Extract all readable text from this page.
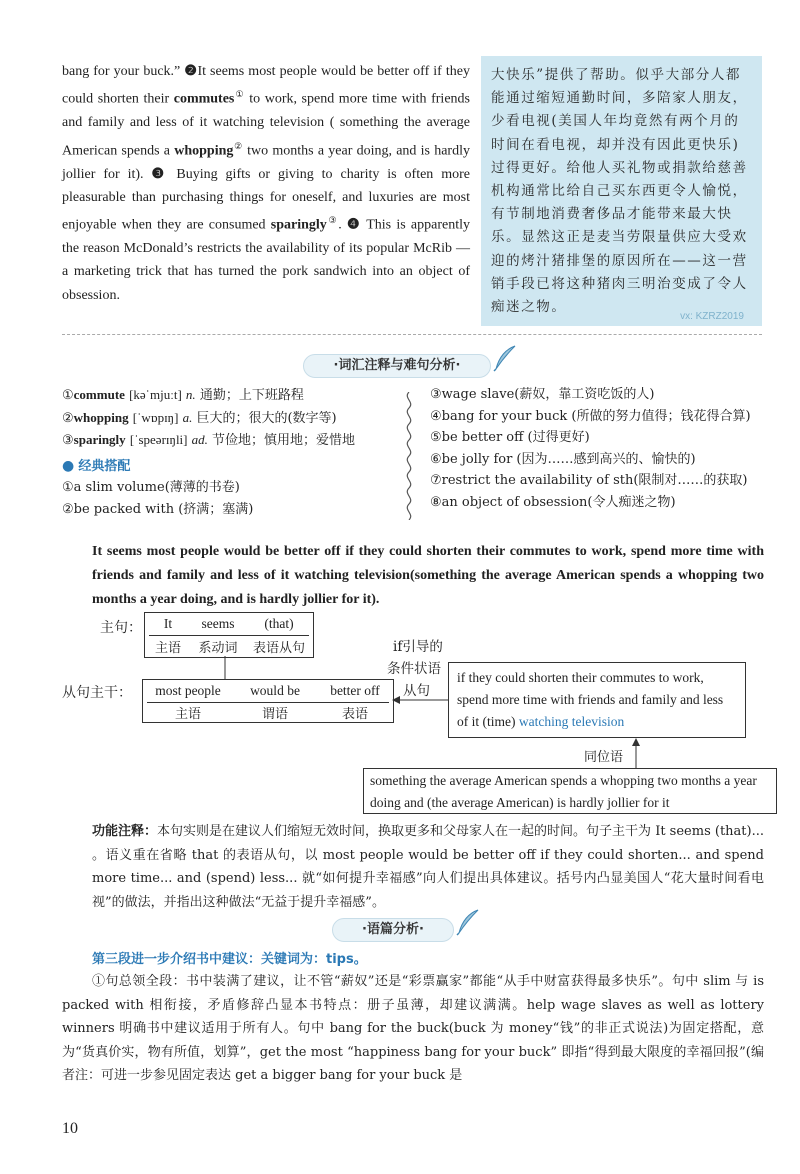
bang for your buck.” ❷It seems most people would be better off if they could shorten their commutes① to work, spend more time with friends and family and less of it watching television ( something the average American spends a whopping② two months a year doing, and is hardly jollier for it). ❸ Buying gifts or giving to charity is often more pleasurable than purchasing things for oneself, and luxuries are most enjoyable when they are consumed sparingly③. ❹ This is apparently the reason McDonald’s restricts the availability of its popular McRib — a marketing trick that has turned the pork sandwich into an object of obsession.

大快乐”提供了帮助。似乎大部分人都能通过缩短通勤时间，多陪家人朋友，少看电视(美国人年均竟然有两个月的时间在看电视，却并没有因此更快乐)过得更好。给他人买礼物或捐款给慈善机构通常比给自己买东西更令人愉悦，有节制地消费奢侈品才能带来最大快乐。显然这正是麦当劳限量供应大受欢迎的烤汁猪排堡的原因所在——这一营销手段已将这种猪肉三明治变成了令人痴迷之物。

vx: KZRZ2019
·词汇注释与难句分析·
①commute [kəˈmjuːt] n. 通勤；上下班路程
②whopping [ˈwɒpɪŋ] a. 巨大的；很大的(数字等)
③sparingly [ˈspeərɪŋli] ad. 节俭地；慎用地；爱惜地
● 经典搭配
①a slim volume(薄薄的书卷)
②be packed with (挤满；塞满)
③wage slave(薪奴，靠工资吃饭的人)
④bang for your buck (所做的努力值得；钱花得合算)
⑤be better off (过得更好)
⑥be jolly for (因为……感到高兴的、愉快的)
⑦restrict the availability of sth(限制对……的获取)
⑧an object of obsession(令人痴迷之物)
It seems most people would be better off if they could shorten their commutes to work, spend more time with friends and family and less of it watching television(something the average American spends a whopping two months a year doing, and is hardly jollier for it).
主句：	It	seems	(that)
主语	系动词	表语从句
从句主干：	most people	would be	better off
主语	谓语	表语
if引导的
条件状语
从句
if they could shorten their commutes to work, spend more time with friends and family and less of it (time) watching television
同位语
something the average American spends a whopping two months a year doing and (the average American) is hardly jollier for it
功能注释：本句实则是在建议人们缩短无效时间，换取更多和父母家人在一起的时间。句子主干为 It seems (that)... 。语义重在省略 that 的表语从句，以 most people would be better off if they could shorten... and spend more time... and (spend) less... 就“如何提升幸福感”向人们提出具体建议。括号内凸显美国人“花大量时间看电视”的做法，并指出这种做法“无益于提升幸福感”。
·语篇分析·
第三段进一步介绍书中建议：关键词为：tips。
①句总领全段：书中装满了建议，让不管“薪奴”还是“彩票赢家”都能“从手中财富获得最多快乐”。句中 slim 与 is packed with 相衔接，矛盾修辞凸显本书特点：册子虽薄，却建议满满。help wage slaves as well as lottery winners 明确书中建议适用于所有人。句中 bang for the buck(buck 为 money“钱”的非正式说法)为固定搭配，意为“货真价实，物有所值，划算”，get the most “happiness bang for your buck” 即指“得到最大限度的幸福回报”(编者注：可进一步参见固定表达 get a bigger bang for your buck 是
10
